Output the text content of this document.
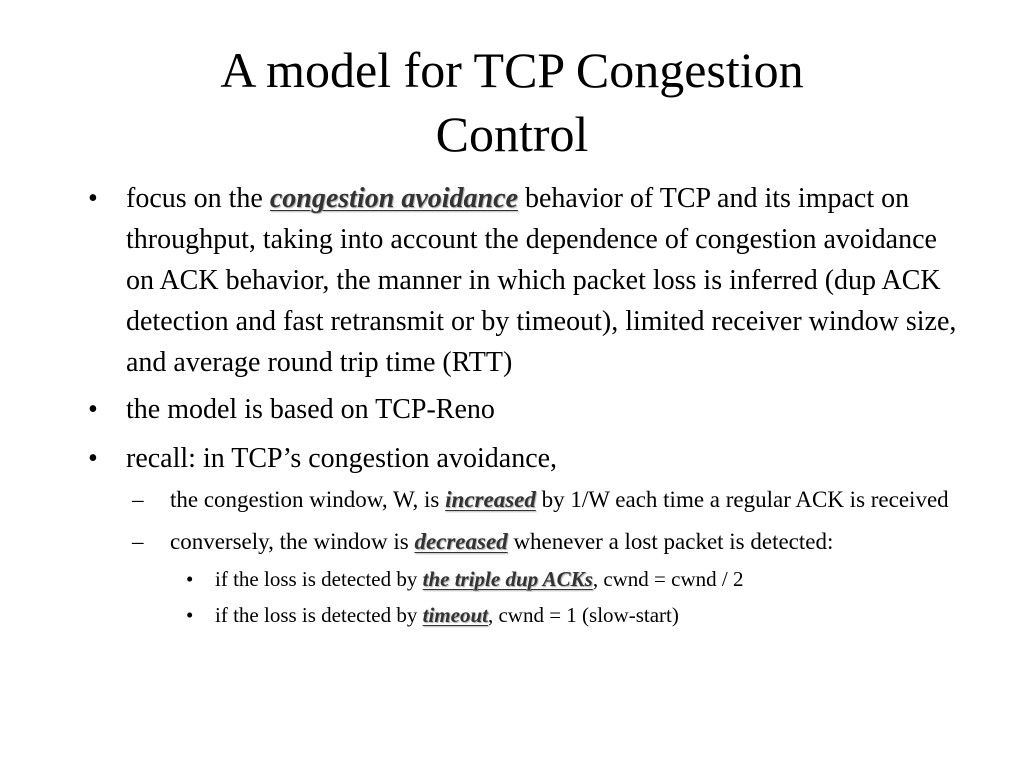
A model for TCP Congestion
Control
• focus on the congestion avoidance behavior of TCP and its impact on throughput, taking into account the dependence of congestion avoidance on ACK behavior, the manner in which packet loss is inferred (dup ACK detection and fast retransmit or by timeout), limited receiver window size, and average round trip time (RTT)
• the model is based on TCP-Reno
• recall: in TCP’s congestion avoidance,
– the congestion window, W, is increased by 1/W each time a regular ACK is received
– conversely, the window is decreased whenever a lost packet is detected:
• if the loss is detected by the triple dup ACKs, cwnd = cwnd / 2
• if the loss is detected by timeout, cwnd = 1 (slow-start)
